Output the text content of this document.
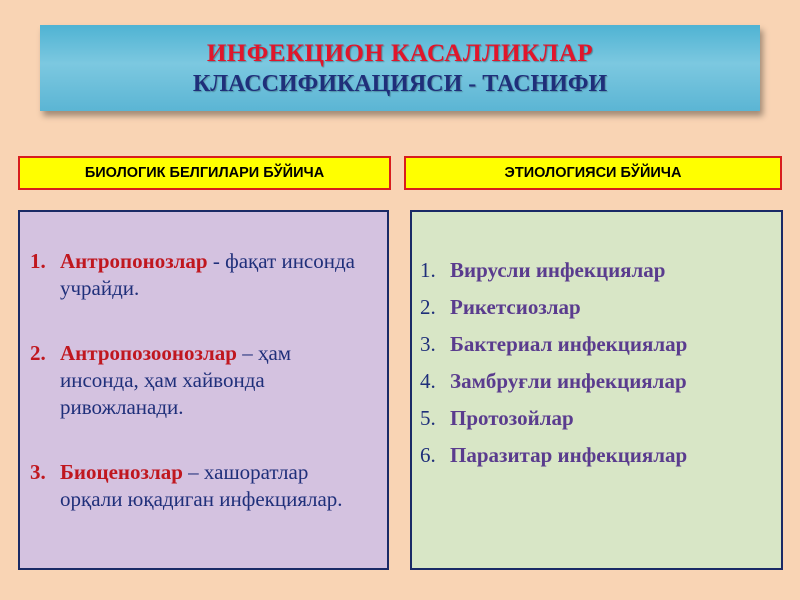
ИНФЕКЦИОН КАСАЛЛИКЛАР
КЛАССИФИКАЦИЯСИ - ТАСНИФИ
БИОЛОГИК БЕЛГИЛАРИ БЎЙИЧА	ЭТИОЛОГИЯСИ БЎЙИЧА
1. Антропонозлар - фақат инсонда учрайди.
2. Антропозоонозлар – ҳам инсонда, ҳам хайвонда ривожланади.
3. Биоценозлар – хашоратлар орқали юқадиган инфекциялар.
1. Вирусли инфекциялар
2. Рикетсиозлар
3. Бактериал инфекциялар
4. Замбруғли инфекциялар
5. Протозойлар
6. Паразитар инфекциялар
